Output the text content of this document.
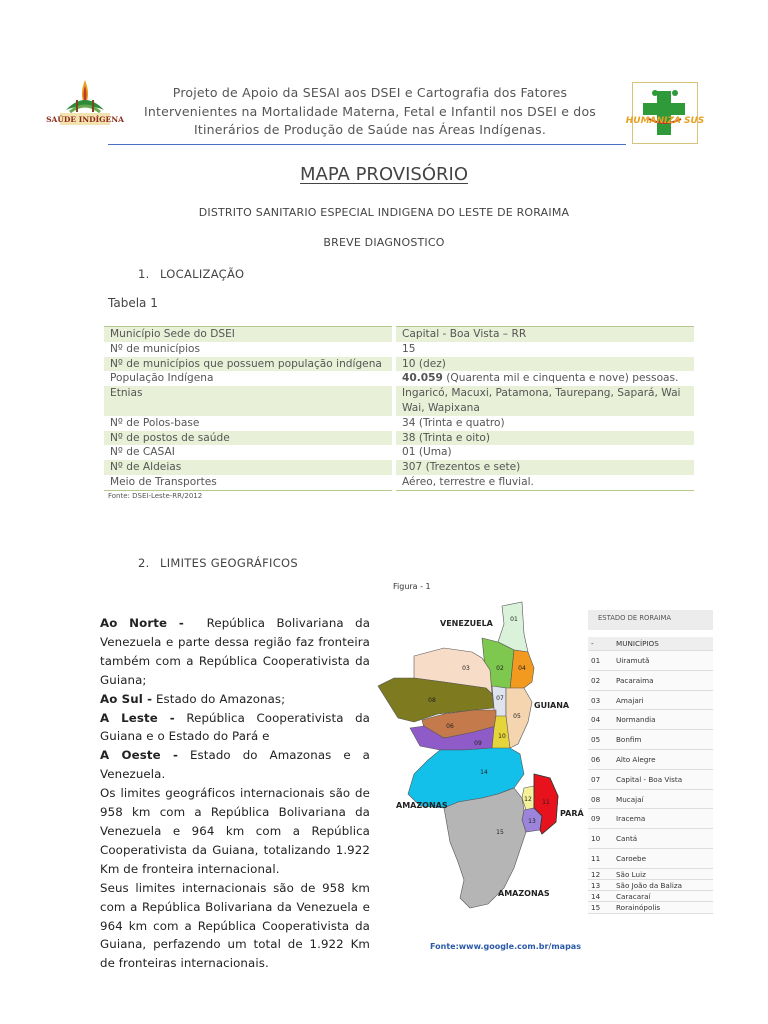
SAÚDE INDÍGENA
Projeto de Apoio da SESAI aos DSEI e Cartografia dos Fatores
Intervenientes na Mortalidade Materna, Fetal e Infantil nos DSEI e dos
Itinerários de Produção de Saúde nas Áreas Indígenas.
HUMANIZA SUS
MAPA PROVISÓRIO
DISTRITO SANITARIO ESPECIAL INDIGENA DO LESTE DE RORAIMA
BREVE DIAGNOSTICO
1. LOCALIZAÇÃO
Tabela 1
Município Sede do DSEI	Capital - Boa Vista – RR
Nº de municípios	15
Nº de municípios que possuem população indígena	10 (dez)
População Indígena	40.059 (Quarenta mil e cinquenta e nove) pessoas.
Etnias	Ingaricó, Macuxi, Patamona, Taurepang, Sapará, Wai Wai, Wapixana
Nº de Polos-base	34 (Trinta e quatro)
Nº de postos de saúde	38 (Trinta e oito)
Nº de CASAI	01 (Uma)
Nº de Aldeias	307 (Trezentos e sete)
Meio de Transportes	Aéreo, terrestre e fluvial.
Fonte: DSEI-Leste-RR/2012
2. LIMITES GEOGRÁFICOS

Ao Norte - República Bolivariana da Venezuela e parte dessa região faz fronteira também com a República Cooperativista da Guiana;

Ao Sul - Estado do Amazonas;

A Leste - República Cooperativista da Guiana e o Estado do Pará e

A Oeste - Estado do Amazonas e a Venezuela.

Os limites geográficos internacionais são de 958 km com a República Bolivariana da Venezuela e 964 km com a República Cooperativista da Guiana, totalizando 1.922 Km de fronteira internacional.

Seus limites internacionais são de 958 km com a República Bolivariana da Venezuela e 964 km com a República Cooperativista da Guiana, perfazendo um total de 1.922 Km de fronteiras internacionais.

Figura - 1
01
02
03	04
05
06
07
08
09
10
11
12
13
14
15
VENEZUELA
GUIANA
AMAZONAS
AMAZONAS
PARÁ
Fonte:www.google.com.br/mapas
ESTADO DE RORAIMA
-	MUNICÍPIOS
01	Uiramutã
02	Pacaraima
03	Amajari
04	Normandia
05	Bonfim
06	Alto Alegre
07	Capital - Boa Vista
08	Mucajaí
09	Iracema
10	Cantá
11	Caroebe
12	São Luiz
13	São João da Baliza
14	Caracaraí
15	Rorainópolis
